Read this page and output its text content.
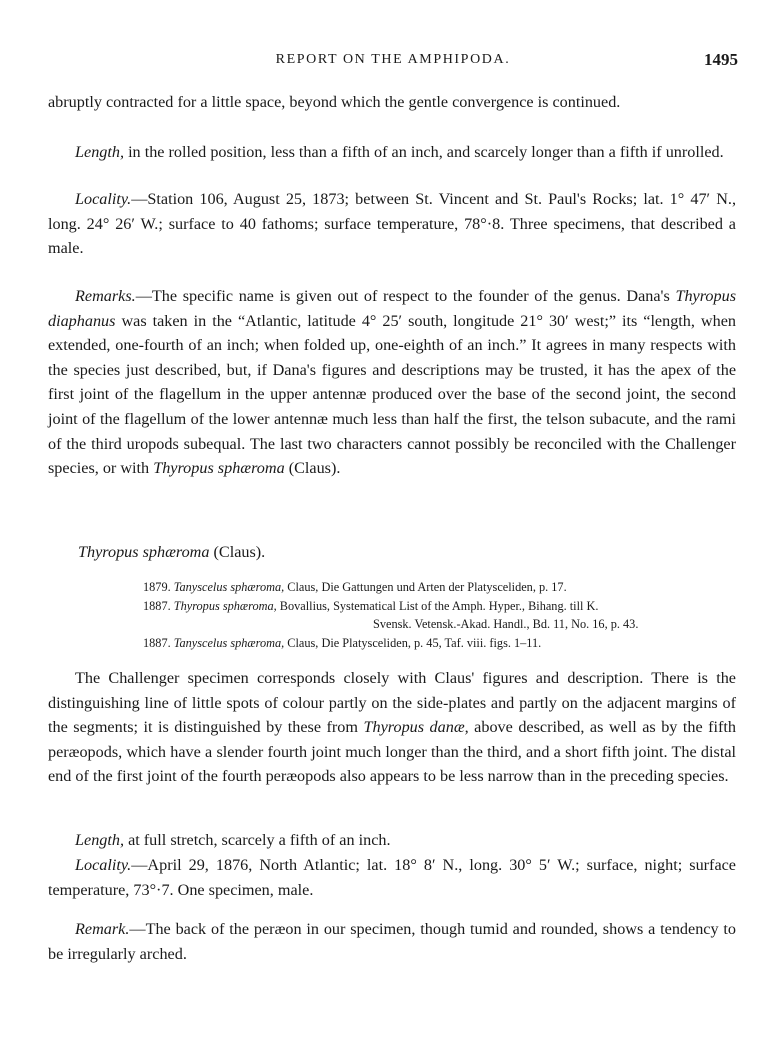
REPORT ON THE AMPHIPODA.	1495

abruptly contracted for a little space, beyond which the gentle convergence is continued.

Length, in the rolled position, less than a fifth of an inch, and scarcely longer than a fifth if unrolled.

Locality.—Station 106, August 25, 1873; between St. Vincent and St. Paul's Rocks; lat. 1° 47′ N., long. 24° 26′ W.; surface to 40 fathoms; surface temperature, 78°·8. Three specimens, that described a male.

Remarks.—The specific name is given out of respect to the founder of the genus. Dana's Thyropus diaphanus was taken in the “Atlantic, latitude 4° 25′ south, longitude 21° 30′ west;” its “length, when extended, one-fourth of an inch; when folded up, one-eighth of an inch.” It agrees in many respects with the species just described, but, if Dana's figures and descriptions may be trusted, it has the apex of the first joint of the flagellum in the upper antennæ produced over the base of the second joint, the second joint of the flagellum of the lower antennæ much less than half the first, the telson subacute, and the rami of the third uropods subequal. The last two characters cannot possibly be reconciled with the Challenger species, or with Thyropus sphæroma (Claus).

Thyropus sphæroma (Claus).

1879. Tanyscelus sphæroma, Claus, Die Gattungen und Arten der Platysceliden, p. 17.

1887. Thyropus sphæroma, Bovallius, Systematical List of the Amph. Hyper., Bihang. till K.
Svensk. Vetensk.-Akad. Handl., Bd. 11, No. 16, p. 43.

1887. Tanyscelus sphæroma, Claus, Die Platysceliden, p. 45, Taf. viii. figs. 1–11.

The Challenger specimen corresponds closely with Claus' figures and description. There is the distinguishing line of little spots of colour partly on the side-plates and partly on the adjacent margins of the segments; it is distinguished by these from Thyropus danæ, above described, as well as by the fifth peræopods, which have a slender fourth joint much longer than the third, and a short fifth joint. The distal end of the first joint of the fourth peræopods also appears to be less narrow than in the preceding species.

Length, at full stretch, scarcely a fifth of an inch.

Locality.—April 29, 1876, North Atlantic; lat. 18° 8′ N., long. 30° 5′ W.; surface, night; surface temperature, 73°·7. One specimen, male.

Remark.—The back of the peræon in our specimen, though tumid and rounded, shows a tendency to be irregularly arched.
